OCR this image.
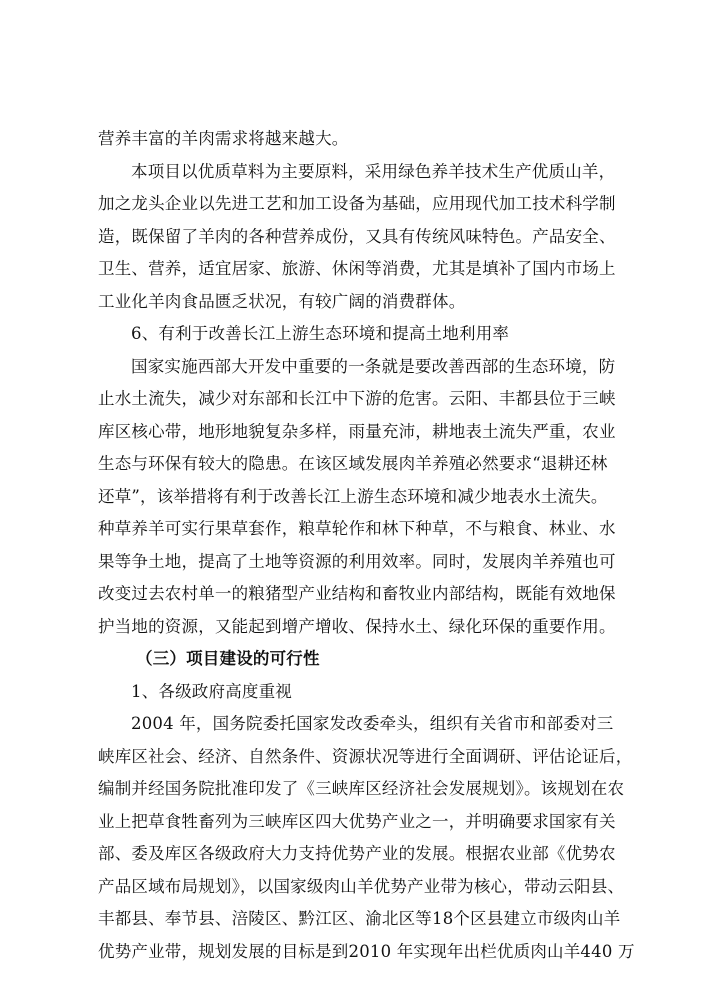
营养丰富的羊肉需求将越来越大。

本项目以优质草料为主要原料，采用绿色养羊技术生产优质山羊，

加之龙头企业以先进工艺和加工设备为基础，应用现代加工技术科学制

造，既保留了羊肉的各种营养成份，又具有传统风味特色。产品安全、

卫生、营养，适宜居家、旅游、休闲等消费，尤其是填补了国内市场上

工业化羊肉食品匮乏状况，有较广阔的消费群体。

6、有利于改善长江上游生态环境和提高土地利用率

国家实施西部大开发中重要的一条就是要改善西部的生态环境，防

止水土流失，减少对东部和长江中下游的危害。云阳、丰都县位于三峡

库区核心带，地形地貌复杂多样，雨量充沛，耕地表土流失严重，农业

生态与环保有较大的隐患。在该区域发展肉羊养殖必然要求“退耕还林

还草”，该举措将有利于改善长江上游生态环境和减少地表水土流失。

种草养羊可实行果草套作，粮草轮作和林下种草，不与粮食、林业、水

果等争土地，提高了土地等资源的利用效率。同时，发展肉羊养殖也可

改变过去农村单一的粮猪型产业结构和畜牧业内部结构，既能有效地保

护当地的资源，又能起到增产增收、保持水土、绿化环保的重要作用。

（三）项目建设的可行性

1、各级政府高度重视

2004 年，国务院委托国家发改委牵头，组织有关省市和部委对三

峡库区社会、经济、自然条件、资源状况等进行全面调研、评估论证后，

编制并经国务院批准印发了《三峡库区经济社会发展规划》。该规划在农

业上把草食牲畜列为三峡库区四大优势产业之一，并明确要求国家有关

部、委及库区各级政府大力支持优势产业的发展。根据农业部《优势农

产品区域布局规划》，以国家级肉山羊优势产业带为核心，带动云阳县、

丰都县、奉节县、涪陵区、黔江区、渝北区等18个区县建立市级肉山羊

优势产业带，规划发展的目标是到2010 年实现年出栏优质肉山羊440 万
